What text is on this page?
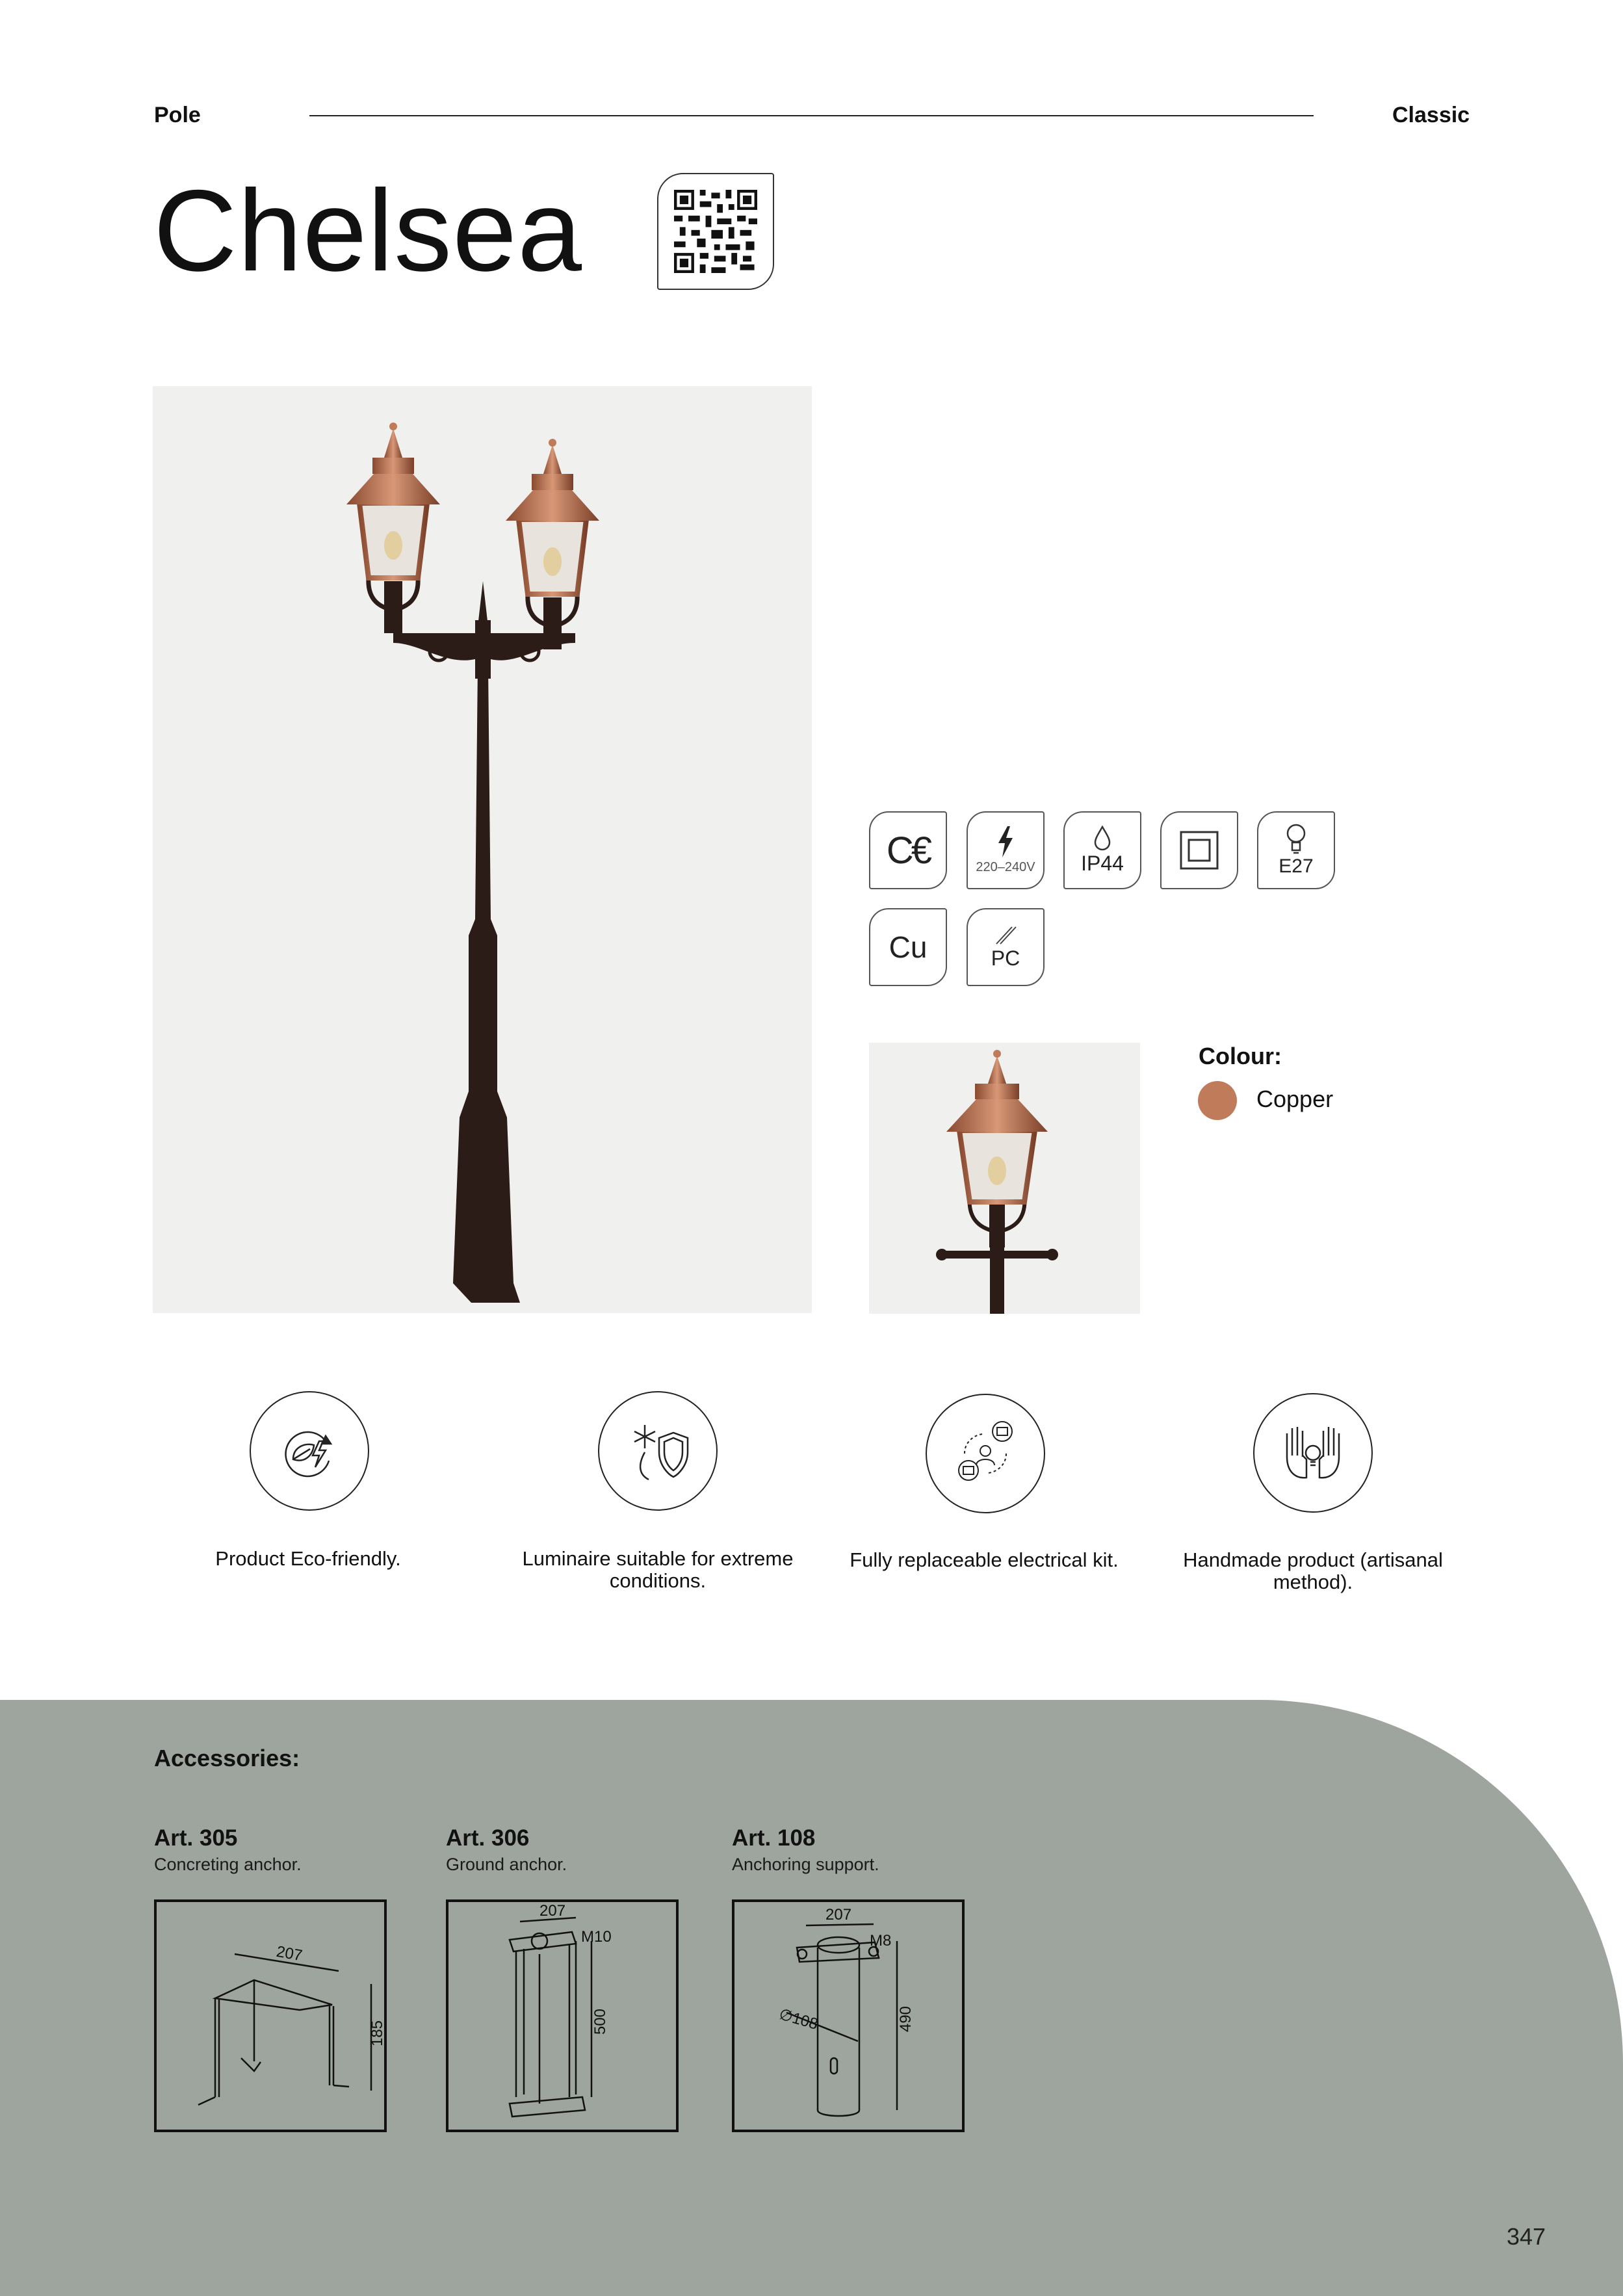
Pole	Classic
Chelsea
C€	220–240V IP44	E27
Cu	PC
Colour:
Copper
Product Eco-friendly.	Luminaire suitable for extreme conditions.
Fully replaceable electrical kit.	Handmade product (artisanal method).
Accessories:
Art. 305
Concreting anchor.
207
185
Art. 306
Ground anchor.
207
M10
500
Art. 108
Anchoring support.
207
M8
∅108	490
347
